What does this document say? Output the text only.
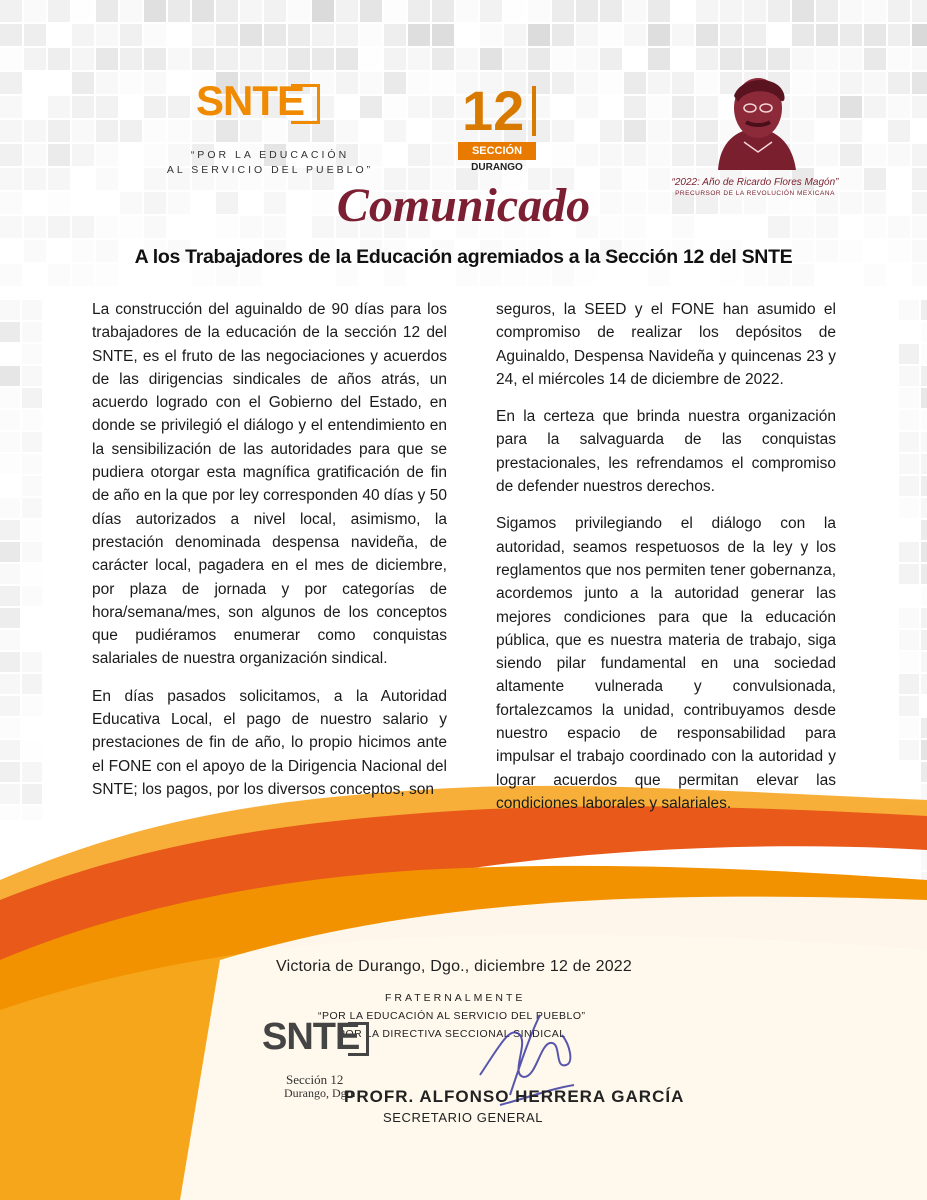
SNTE
“POR LA EDUCACIÓN
AL SERVICIO DEL PUEBLO”
12
SECCIÓN
DURANGO
“2022: Año de Ricardo Flores Magón”
PRECURSOR DE LA REVOLUCIÓN MEXICANA
Comunicado
A los Trabajadores de la Educación agremiados a la Sección 12 del SNTE

La construcción del aguinaldo de 90 días para los trabajadores de la educación de la sección 12 del SNTE, es el fruto de las negociaciones y acuerdos de las dirigencias sindicales de años atrás, un acuerdo logrado con el Gobierno del Estado, en donde se privilegió el diálogo y el entendimiento en la sensibilización de las autoridades para que se pudiera otorgar esta magnífica gratificación de fin de año en la que por ley corresponden 40 días y 50 días autorizados a nivel local, asimismo, la prestación denominada despensa navideña, de carácter local, pagadera en el mes de diciembre, por plaza de jornada y por categorías de hora/semana/mes, son algunos de los conceptos que pudiéramos enumerar como conquistas salariales de nuestra organización sindical.

En días pasados solicitamos, a la Autoridad Educativa Local, el pago de nuestro salario y prestaciones de fin de año, lo propio hicimos ante el FONE con el apoyo de la Dirigencia Nacional del SNTE; los pagos, por los diversos conceptos, son

seguros, la SEED y el FONE han asumido el compromiso de realizar los depósitos de Aguinaldo, Despensa Navideña y quincenas 23 y 24, el miércoles 14 de diciembre de 2022.

En la certeza que brinda nuestra organización para la salvaguarda de las conquistas prestacionales, les refrendamos el compromiso de defender nuestros derechos.

Sigamos privilegiando el diálogo con la autoridad, seamos respetuosos de la ley y los reglamentos que nos permiten tener gobernanza, acordemos junto a la autoridad generar las mejores condiciones para que la educación pública, que es nuestra materia de trabajo, siga siendo pilar fundamental en una sociedad altamente vulnerada y convulsionada, fortalezcamos la unidad, contribuyamos desde nuestro espacio de responsabilidad para impulsar el trabajo coordinado con la autoridad y lograr acuerdos que permitan elevar las condiciones laborales y salariales.

Victoria de Durango, Dgo., diciembre 12 de 2022
FRATERNALMENTE
“POR LA EDUCACIÓN AL SERVICIO DEL PUEBLO”
POR LA DIRECTIVA SECCIONAL SINDICAL
SNTE
Sección 12
Durango, Dgo.
PROFR. ALFONSO HERRERA GARCÍA
SECRETARIO GENERAL
